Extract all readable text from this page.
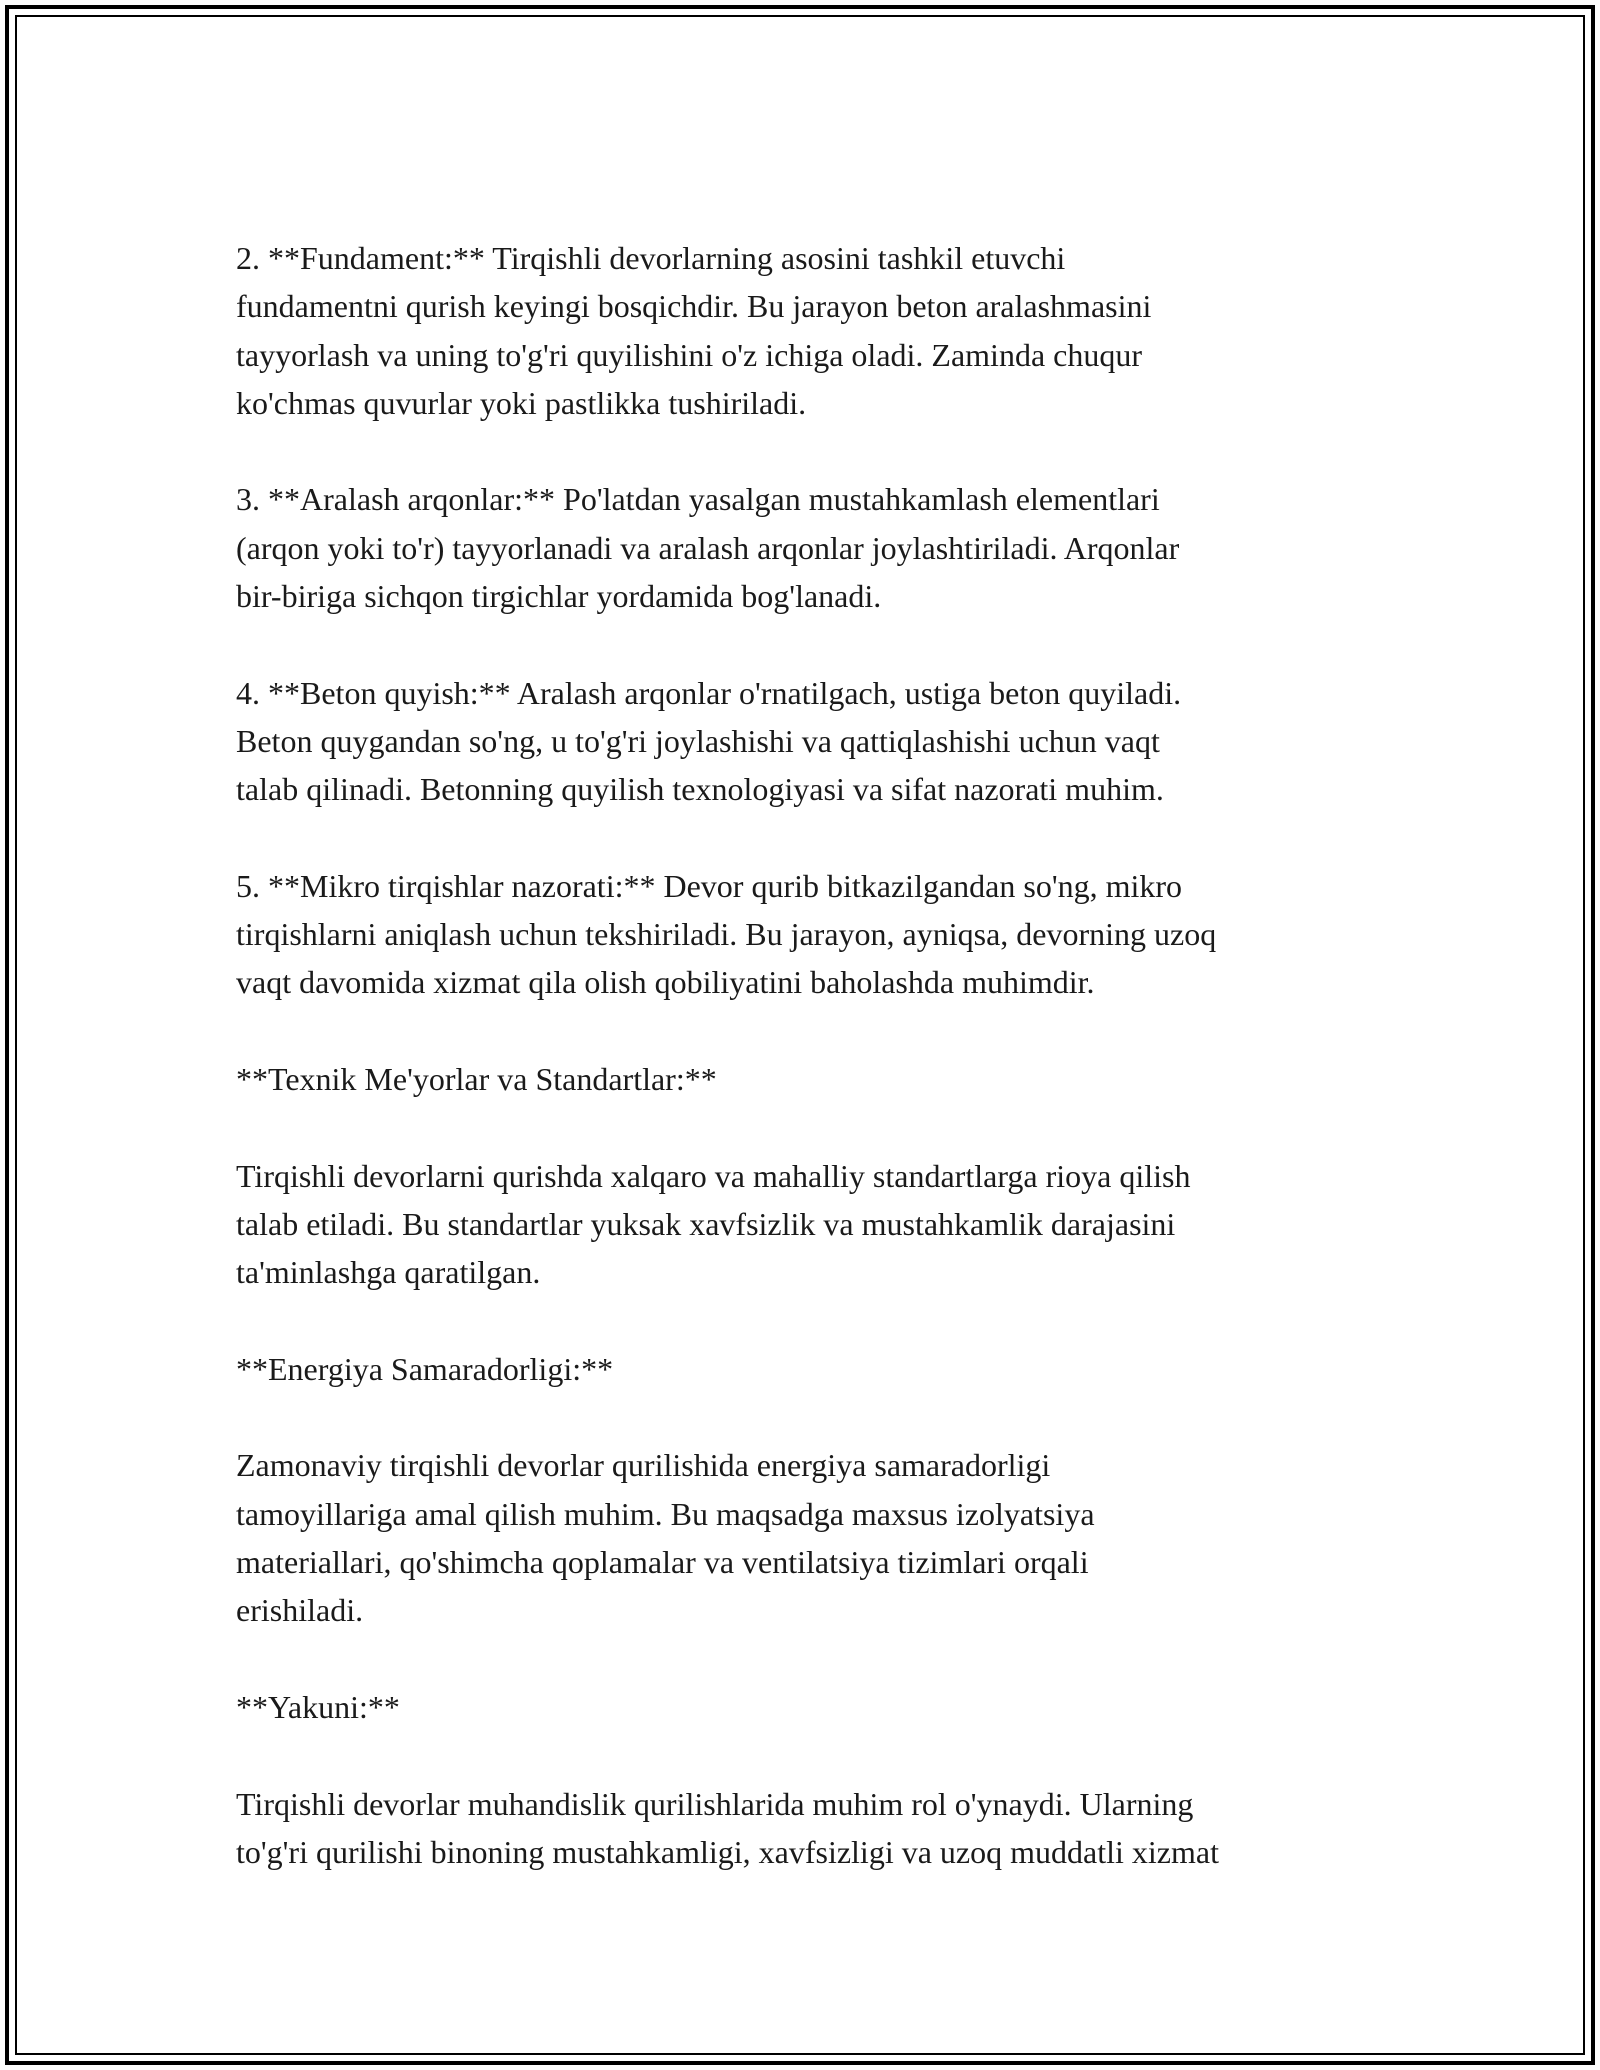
2. **Fundament:** Tirqishli devorlarning asosini tashkil etuvchi
fundamentni qurish keyingi bosqichdir. Bu jarayon beton aralashmasini
tayyorlash va uning to'g'ri quyilishini o'z ichiga oladi. Zaminda chuqur
ko'chmas quvurlar yoki pastlikka tushiriladi.

3. **Aralash arqonlar:** Po'latdan yasalgan mustahkamlash elementlari
(arqon yoki to'r) tayyorlanadi va aralash arqonlar joylashtiriladi. Arqonlar
bir-biriga sichqon tirgichlar yordamida bog'lanadi.

4. **Beton quyish:** Aralash arqonlar o'rnatilgach, ustiga beton quyiladi.
Beton quygandan so'ng, u to'g'ri joylashishi va qattiqlashishi uchun vaqt
talab qilinadi. Betonning quyilish texnologiyasi va sifat nazorati muhim.

5. **Mikro tirqishlar nazorati:** Devor qurib bitkazilgandan so'ng, mikro
tirqishlarni aniqlash uchun tekshiriladi. Bu jarayon, ayniqsa, devorning uzoq
vaqt davomida xizmat qila olish qobiliyatini baholashda muhimdir.

**Texnik Me'yorlar va Standartlar:**

Tirqishli devorlarni qurishda xalqaro va mahalliy standartlarga rioya qilish
talab etiladi. Bu standartlar yuksak xavfsizlik va mustahkamlik darajasini
ta'minlashga qaratilgan.

**Energiya Samaradorligi:**

Zamonaviy tirqishli devorlar qurilishida energiya samaradorligi
tamoyillariga amal qilish muhim. Bu maqsadga maxsus izolyatsiya
materiallari, qo'shimcha qoplamalar va ventilatsiya tizimlari orqali
erishiladi.

**Yakuni:**

Tirqishli devorlar muhandislik qurilishlarida muhim rol o'ynaydi. Ularning
to'g'ri qurilishi binoning mustahkamligi, xavfsizligi va uzoq muddatli xizmat
